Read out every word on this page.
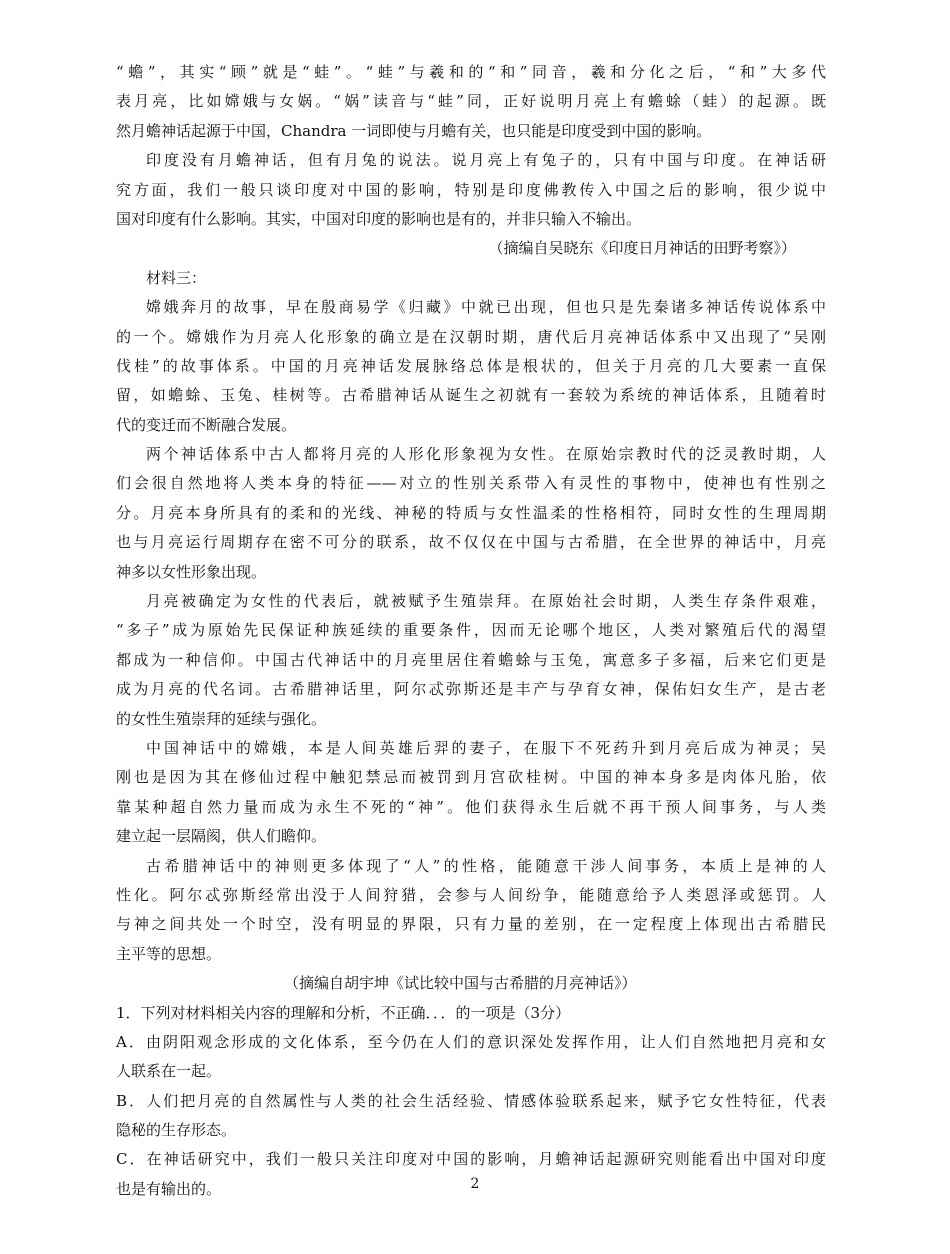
“蟾”，其实“顾”就是“蛙”。“蛙”与羲和的“和”同音，羲和分化之后，“和”大多代

表月亮，比如嫦娥与女娲。“娲”读音与“蛙”同，正好说明月亮上有蟾蜍（蛙）的起源。既

然月蟾神话起源于中国，Chandra 一词即使与月蟾有关，也只能是印度受到中国的影响。

印度没有月蟾神话，但有月兔的说法。说月亮上有兔子的，只有中国与印度。在神话研

究方面，我们一般只谈印度对中国的影响，特别是印度佛教传入中国之后的影响，很少说中

国对印度有什么影响。其实，中国对印度的影响也是有的，并非只输入不输出。

（摘编自吴晓东《印度日月神话的田野考察》）

材料三：

嫦娥奔月的故事，早在殷商易学《归藏》中就已出现，但也只是先秦诸多神话传说体系中

的一个。嫦娥作为月亮人化形象的确立是在汉朝时期，唐代后月亮神话体系中又出现了“吴刚

伐桂”的故事体系。中国的月亮神话发展脉络总体是根状的，但关于月亮的几大要素一直保

留，如蟾蜍、玉兔、桂树等。古希腊神话从诞生之初就有一套较为系统的神话体系，且随着时

代的变迁而不断融合发展。

两个神话体系中古人都将月亮的人形化形象视为女性。在原始宗教时代的泛灵教时期，人

们会很自然地将人类本身的特征——对立的性别关系带入有灵性的事物中，使神也有性别之

分。月亮本身所具有的柔和的光线、神秘的特质与女性温柔的性格相符，同时女性的生理周期

也与月亮运行周期存在密不可分的联系，故不仅仅在中国与古希腊，在全世界的神话中，月亮

神多以女性形象出现。

月亮被确定为女性的代表后，就被赋予生殖崇拜。在原始社会时期，人类生存条件艰难，

“多子”成为原始先民保证种族延续的重要条件，因而无论哪个地区，人类对繁殖后代的渴望

都成为一种信仰。中国古代神话中的月亮里居住着蟾蜍与玉兔，寓意多子多福，后来它们更是

成为月亮的代名词。古希腊神话里，阿尔忒弥斯还是丰产与孕育女神，保佑妇女生产，是古老

的女性生殖崇拜的延续与强化。

中国神话中的嫦娥，本是人间英雄后羿的妻子，在服下不死药升到月亮后成为神灵；吴

刚也是因为其在修仙过程中触犯禁忌而被罚到月宫砍桂树。中国的神本身多是肉体凡胎，依

靠某种超自然力量而成为永生不死的“神”。他们获得永生后就不再干预人间事务，与人类

建立起一层隔阂，供人们瞻仰。

古希腊神话中的神则更多体现了“人”的性格，能随意干涉人间事务，本质上是神的人

性化。阿尔忒弥斯经常出没于人间狩猎，会参与人间纷争，能随意给予人类恩泽或惩罚。人

与神之间共处一个时空，没有明显的界限，只有力量的差别，在一定程度上体现出古希腊民

主平等的思想。

（摘编自胡宇坤《试比较中国与古希腊的月亮神话》）

1．下列对材料相关内容的理解和分析，不正确．．．的一项是（3分）

A．由阴阳观念形成的文化体系，至今仍在人们的意识深处发挥作用，让人们自然地把月亮和女

人联系在一起。

B．人们把月亮的自然属性与人类的社会生活经验、情感体验联系起来，赋予它女性特征，代表

隐秘的生存形态。

C．在神话研究中，我们一般只关注印度对中国的影响，月蟾神话起源研究则能看出中国对印度

也是有输出的。	2
